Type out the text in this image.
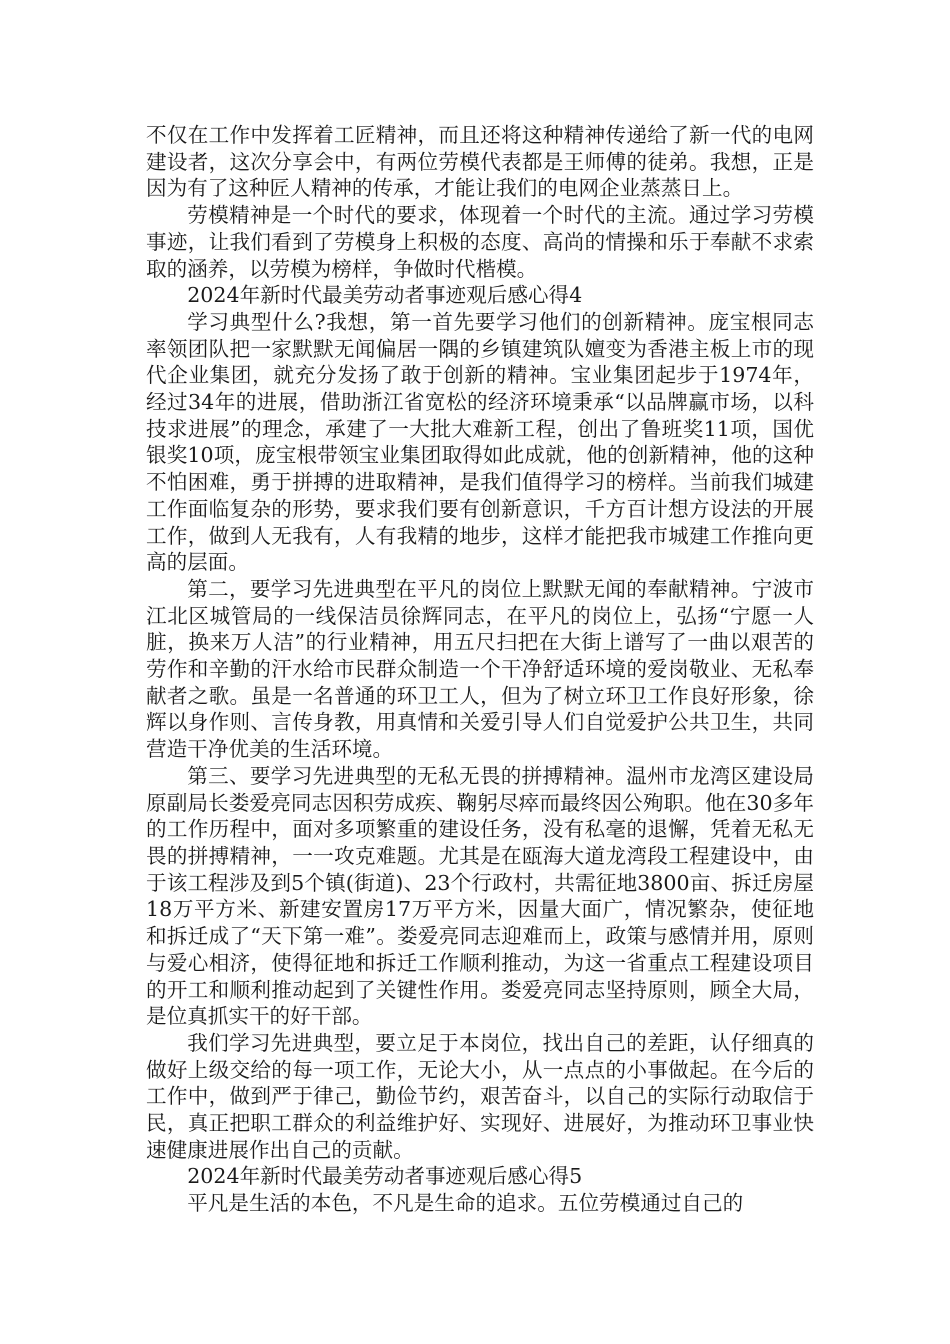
不仅在工作中发挥着工匠精神，而且还将这种精神传递给了新一代的电网建设者，这次分享会中，有两位劳模代表都是王师傅的徒弟。我想，正是因为有了这种匠人精神的传承，才能让我们的电网企业蒸蒸日上。

劳模精神是一个时代的要求，体现着一个时代的主流。通过学习劳模事迹，让我们看到了劳模身上积极的态度、高尚的情操和乐于奉献不求索取的涵养，以劳模为榜样，争做时代楷模。

2024年新时代最美劳动者事迹观后感心得4

学习典型什么?我想，第一首先要学习他们的创新精神。庞宝根同志率领团队把一家默默无闻偏居一隅的乡镇建筑队嬗变为香港主板上市的现代企业集团，就充分发扬了敢于创新的精神。宝业集团起步于1974年，经过34年的进展，借助浙江省宽松的经济环境秉承“以品牌赢市场，以科技求进展”的理念，承建了一大批大难新工程，创出了鲁班奖11项，国优银奖10项，庞宝根带领宝业集团取得如此成就，他的创新精神，他的这种不怕困难，勇于拼搏的进取精神，是我们值得学习的榜样。当前我们城建工作面临复杂的形势，要求我们要有创新意识，千方百计想方设法的开展工作，做到人无我有，人有我精的地步，这样才能把我市城建工作推向更高的层面。

第二，要学习先进典型在平凡的岗位上默默无闻的奉献精神。宁波市江北区城管局的一线保洁员徐辉同志，在平凡的岗位上，弘扬“宁愿一人脏，换来万人洁”的行业精神，用五尺扫把在大街上谱写了一曲以艰苦的劳作和辛勤的汗水给市民群众制造一个干净舒适环境的爱岗敬业、无私奉献者之歌。虽是一名普通的环卫工人，但为了树立环卫工作良好形象，徐辉以身作则、言传身教，用真情和关爱引导人们自觉爱护公共卫生，共同营造干净优美的生活环境。

第三、要学习先进典型的无私无畏的拼搏精神。温州市龙湾区建设局原副局长娄爱亮同志因积劳成疾、鞠躬尽瘁而最终因公殉职。他在30多年的工作历程中，面对多项繁重的建设任务，没有私毫的退懈，凭着无私无畏的拼搏精神，一一攻克难题。尤其是在瓯海大道龙湾段工程建设中，由于该工程涉及到5个镇(街道)、23个行政村，共需征地3800亩、拆迁房屋18万平方米、新建安置房17万平方米，因量大面广，情况繁杂，使征地和拆迁成了“天下第一难”。娄爱亮同志迎难而上，政策与感情并用，原则与爱心相济，使得征地和拆迁工作顺利推动，为这一省重点工程建设项目的开工和顺利推动起到了关键性作用。娄爱亮同志坚持原则，顾全大局，是位真抓实干的好干部。

我们学习先进典型，要立足于本岗位，找出自己的差距，认仔细真的做好上级交给的每一项工作，无论大小，从一点点的小事做起。在今后的工作中，做到严于律己，勤俭节约，艰苦奋斗，以自己的实际行动取信于民，真正把职工群众的利益维护好、实现好、进展好，为推动环卫事业快速健康进展作出自己的贡献。

2024年新时代最美劳动者事迹观后感心得5

平凡是生活的本色，不凡是生命的追求。五位劳模通过自己的
